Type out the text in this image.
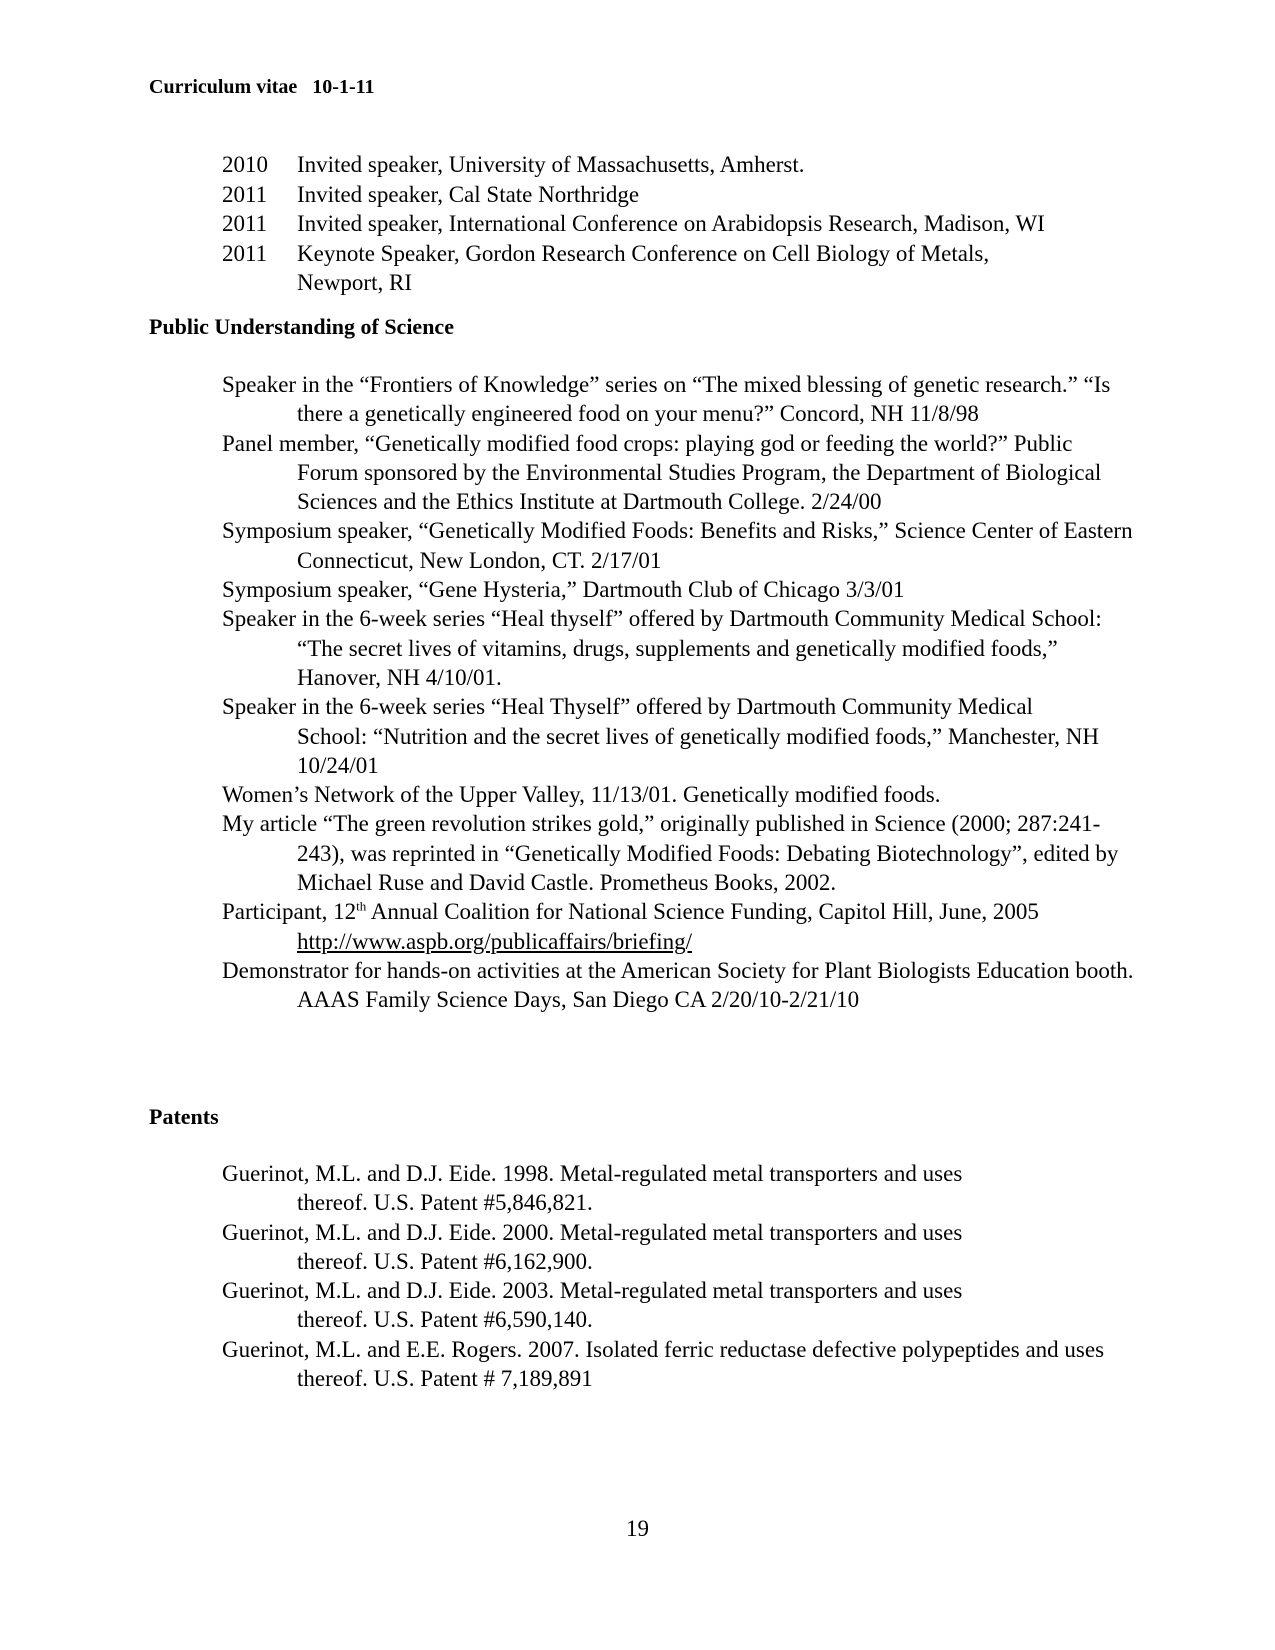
Curriculum vitae   10-1-11
2010	Invited speaker, University of Massachusetts, Amherst.
2011	Invited speaker, Cal State Northridge
2011	Invited speaker, International Conference on Arabidopsis Research, Madison, WI
2011	Keynote Speaker, Gordon Research Conference on Cell Biology of Metals, Newport, RI
Public Understanding of Science
Speaker in the “Frontiers of Knowledge” series on “The mixed blessing of genetic research.” “Is there a genetically engineered food on your menu?” Concord, NH 11/8/98
Panel member, “Genetically modified food crops: playing god or feeding the world?” Public Forum sponsored by the Environmental Studies Program, the Department of Biological Sciences and the Ethics Institute at Dartmouth College. 2/24/00
Symposium speaker, “Genetically Modified Foods: Benefits and Risks,” Science Center of Eastern Connecticut, New London, CT. 2/17/01
Symposium speaker, “Gene Hysteria,” Dartmouth Club of Chicago 3/3/01
Speaker in the 6-week series “Heal thyself” offered by Dartmouth Community Medical School: “The secret lives of vitamins, drugs, supplements and genetically modified foods,” Hanover, NH 4/10/01.
Speaker in the 6-week series “Heal Thyself” offered by Dartmouth Community Medical School: “Nutrition and the secret lives of genetically modified foods,” Manchester, NH 10/24/01
Women’s Network of the Upper Valley, 11/13/01. Genetically modified foods.
My article “The green revolution strikes gold,” originally published in Science (2000; 287:241-243), was reprinted in “Genetically Modified Foods: Debating Biotechnology”, edited by Michael Ruse and David Castle. Prometheus Books, 2002.
Participant, 12th Annual Coalition for National Science Funding, Capitol Hill, June, 2005 http://www.aspb.org/publicaffairs/briefing/
Demonstrator for hands-on activities at the American Society for Plant Biologists Education booth. AAAS Family Science Days, San Diego CA 2/20/10-2/21/10
Patents
Guerinot, M.L. and D.J. Eide. 1998. Metal-regulated metal transporters and uses thereof. U.S. Patent #5,846,821.
Guerinot, M.L. and D.J. Eide. 2000. Metal-regulated metal transporters and uses thereof. U.S. Patent #6,162,900.
Guerinot, M.L. and D.J. Eide. 2003. Metal-regulated metal transporters and uses thereof. U.S. Patent #6,590,140.
Guerinot, M.L. and E.E. Rogers. 2007. Isolated ferric reductase defective polypeptides and uses thereof. U.S. Patent # 7,189,891
19
